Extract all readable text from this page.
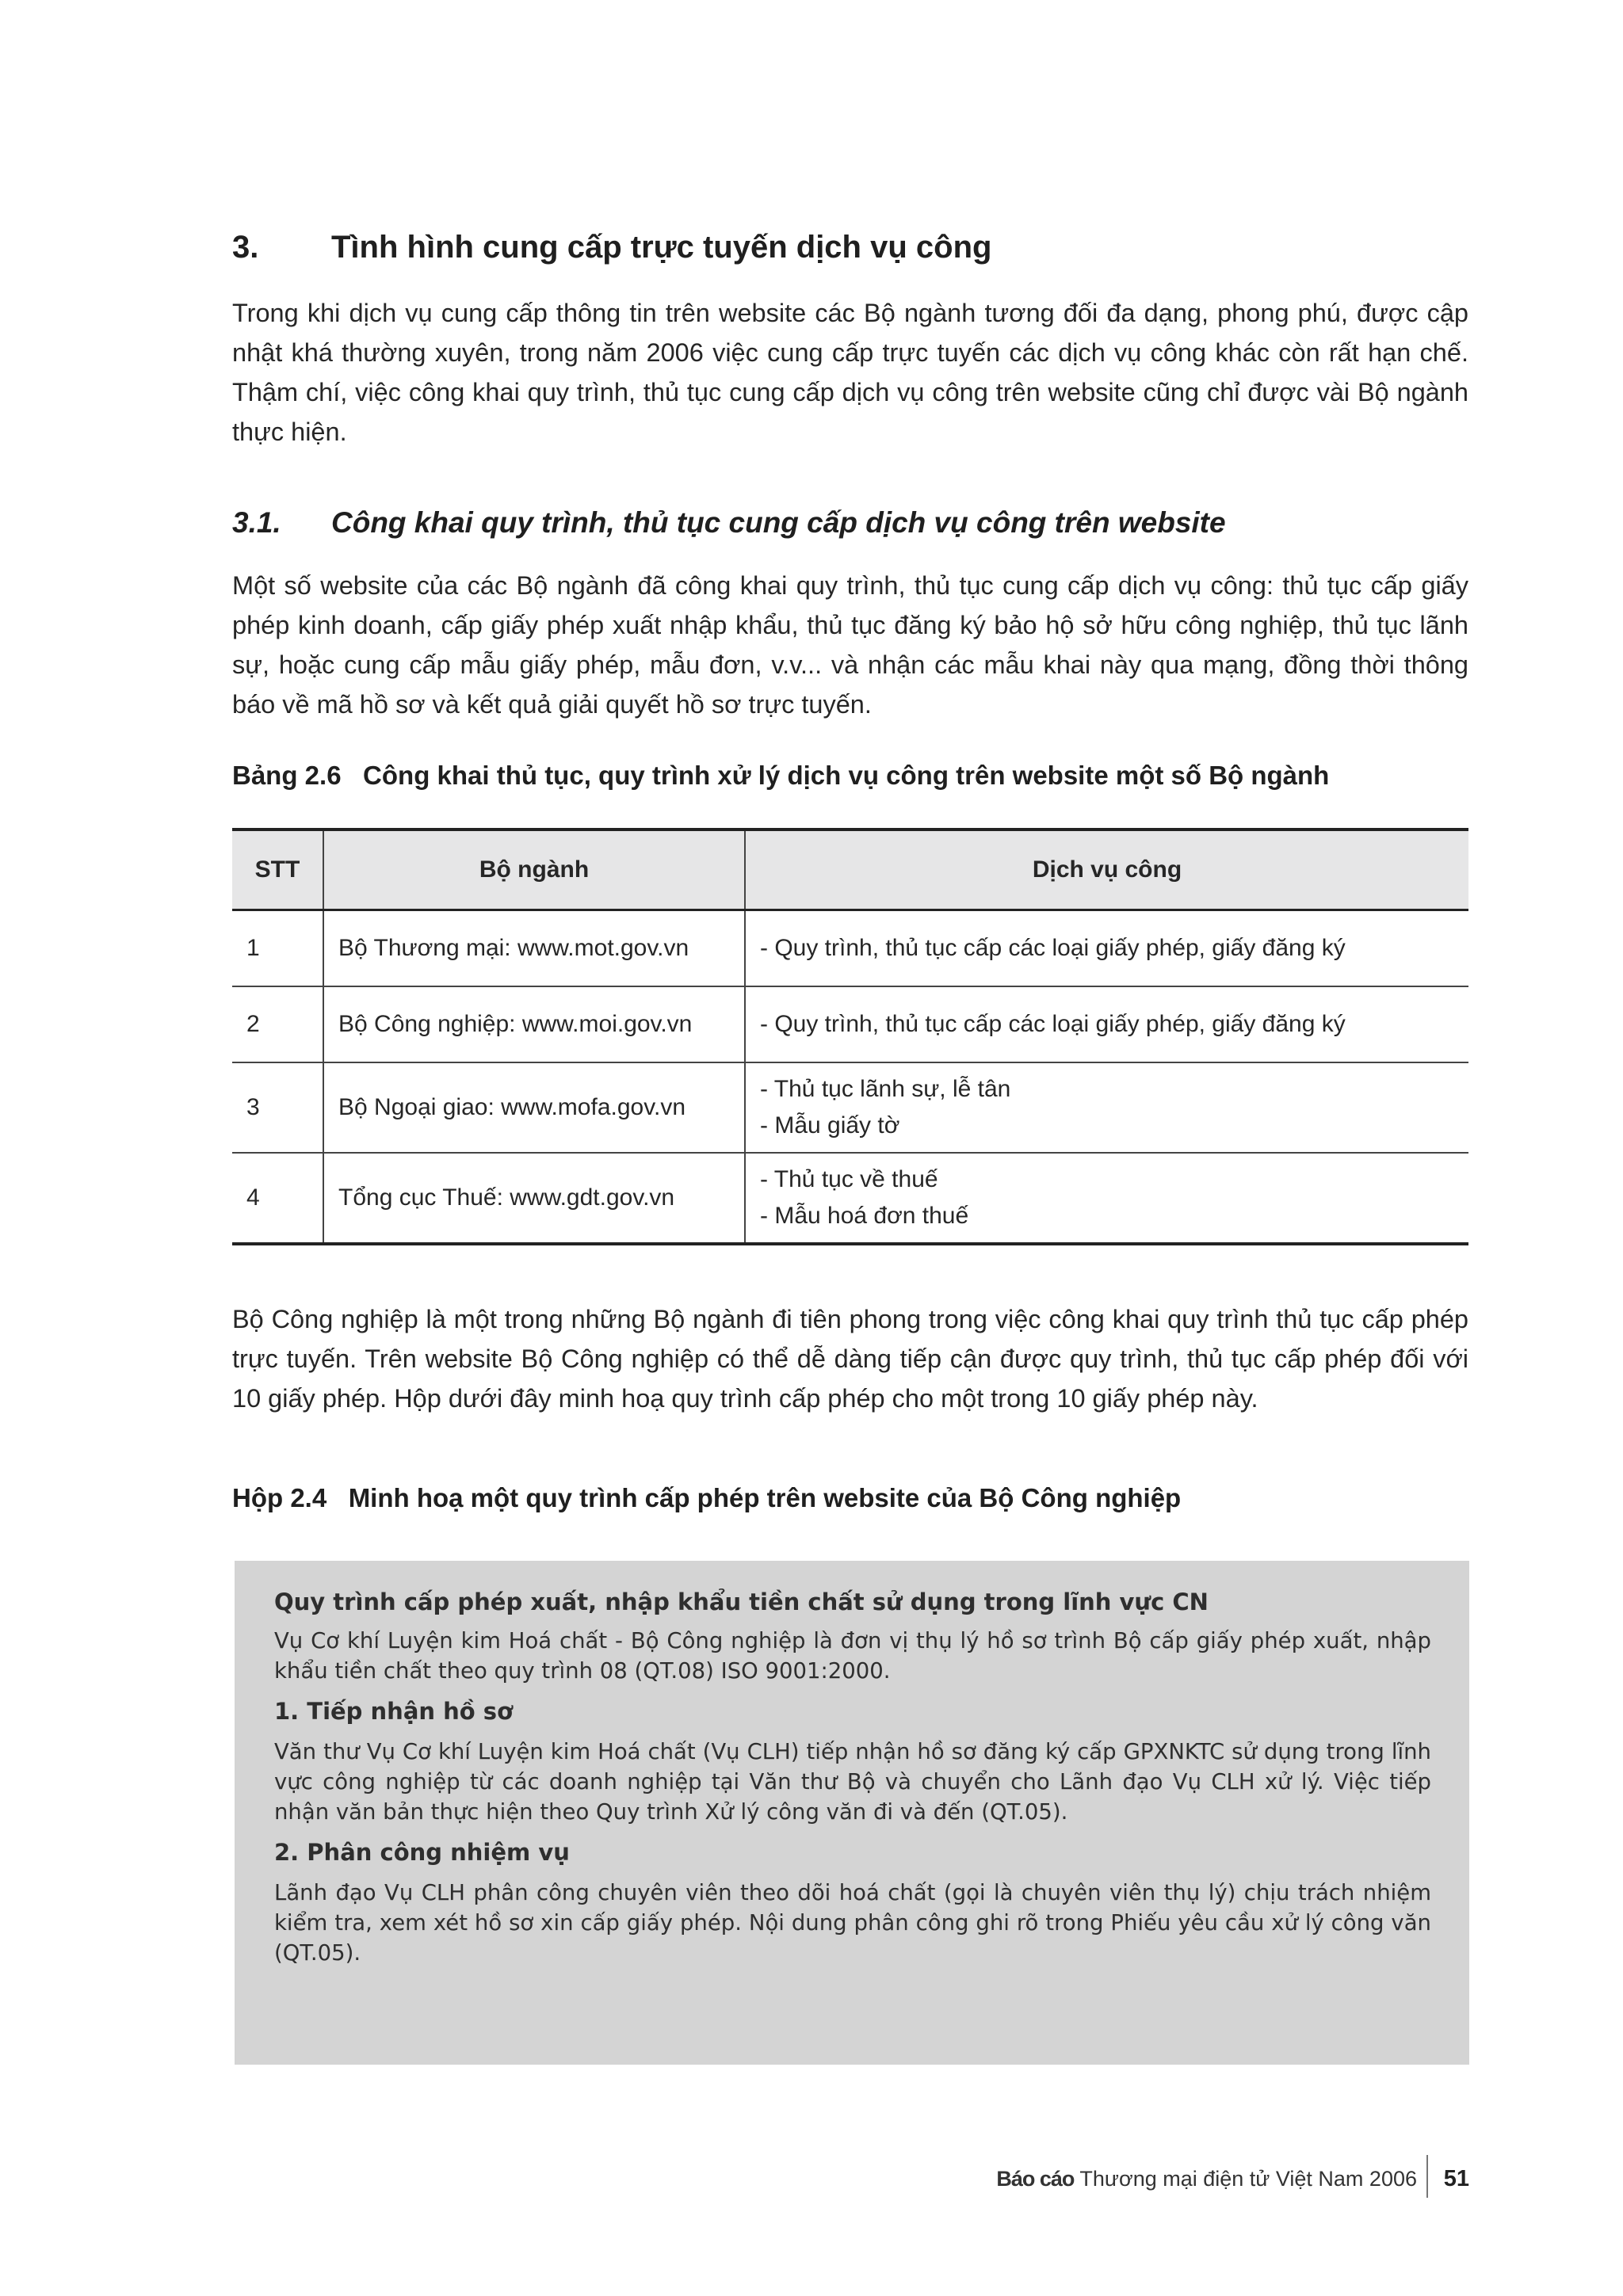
3. Tình hình cung cấp trực tuyến dịch vụ công

Trong khi dịch vụ cung cấp thông tin trên website các Bộ ngành tương đối đa dạng, phong phú, được cập nhật khá thường xuyên, trong năm 2006 việc cung cấp trực tuyến các dịch vụ công khác còn rất hạn chế. Thậm chí, việc công khai quy trình, thủ tục cung cấp dịch vụ công trên website cũng chỉ được vài Bộ ngành thực hiện.

3.1. Công khai quy trình, thủ tục cung cấp dịch vụ công trên website

Một số website của các Bộ ngành đã công khai quy trình, thủ tục cung cấp dịch vụ công: thủ tục cấp giấy phép kinh doanh, cấp giấy phép xuất nhập khẩu, thủ tục đăng ký bảo hộ sở hữu công nghiệp, thủ tục lãnh sự, hoặc cung cấp mẫu giấy phép, mẫu đơn, v.v... và nhận các mẫu khai này qua mạng, đồng thời thông báo về mã hồ sơ và kết quả giải quyết hồ sơ trực tuyến.

Bảng 2.6   Công khai thủ tục, quy trình xử lý dịch vụ công trên website một số Bộ ngành
STT	Bộ ngành	Dịch vụ công
1	Bộ Thương mại: www.mot.gov.vn	- Quy trình, thủ tục cấp các loại giấy phép, giấy đăng ký

2	Bộ Công nghiệp: www.moi.gov.vn	- Quy trình, thủ tục cấp các loại giấy phép, giấy đăng ký

3	Bộ Ngoại giao: www.mofa.gov.vn	- Thủ tục lãnh sự, lễ tân
- Mẫu giấy tờ

4	Tổng cục Thuế: www.gdt.gov.vn	- Thủ tục về thuế
- Mẫu hoá đơn thuế

Bộ Công nghiệp là một trong những Bộ ngành đi tiên phong trong việc công khai quy trình thủ tục cấp phép trực tuyến. Trên website Bộ Công nghiệp có thể dễ dàng tiếp cận được quy trình, thủ tục cấp phép đối với 10 giấy phép. Hộp dưới đây minh hoạ quy trình cấp phép cho một trong 10 giấy phép này.

Hộp 2.4   Minh hoạ một quy trình cấp phép trên website của Bộ Công nghiệp

Quy trình cấp phép xuất, nhập khẩu tiền chất sử dụng trong lĩnh vực CN

Vụ Cơ khí Luyện kim Hoá chất - Bộ Công nghiệp là đơn vị thụ lý hồ sơ trình Bộ cấp giấy phép xuất, nhập khẩu tiền chất theo quy trình 08 (QT.08) ISO 9001:2000.

1. Tiếp nhận hồ sơ

Văn thư Vụ Cơ khí Luyện kim Hoá chất (Vụ CLH) tiếp nhận hồ sơ đăng ký cấp GPXNKTC sử dụng trong lĩnh vực công nghiệp từ các doanh nghiệp tại Văn thư Bộ và chuyển cho Lãnh đạo Vụ CLH xử lý. Việc tiếp nhận văn bản thực hiện theo Quy trình Xử lý công văn đi và đến (QT.05).

2. Phân công nhiệm vụ

Lãnh đạo Vụ CLH phân công chuyên viên theo dõi hoá chất (gọi là chuyên viên thụ lý) chịu trách nhiệm kiểm tra, xem xét hồ sơ xin cấp giấy phép. Nội dung phân công ghi rõ trong Phiếu yêu cầu xử lý công văn (QT.05).

Báo cáo Thương mại điện tử Việt Nam 2006 51
